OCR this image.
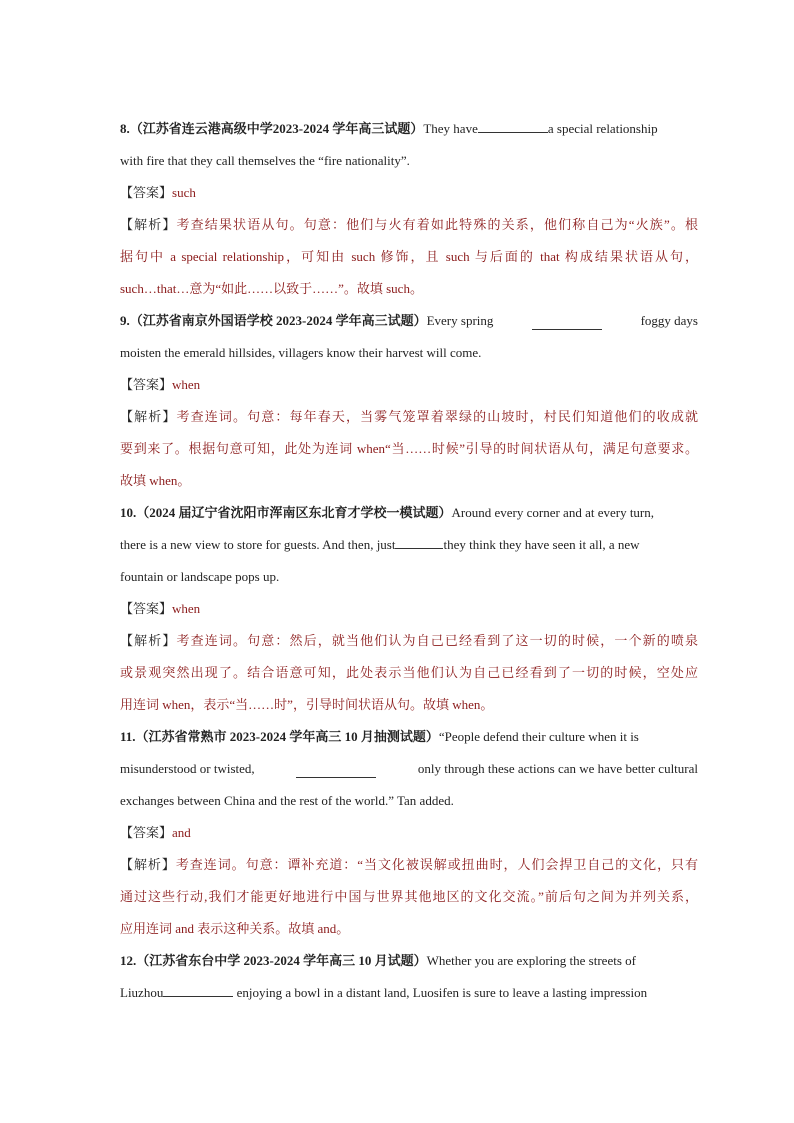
8.（江苏省连云港高级中学2023-2024 学年高三试题）They have	a special relationship
with fire that they call themselves the “fire nationality”.
【答案】such
【解析】考查结果状语从句。句意：他们与火有着如此特殊的关系，他们称自己为“火族”。根
据句中 a special relationship，可知由 such 修饰，且 such 与后面的 that 构成结果状语从句，
such…that…意为“如此……以致于……”。故填 such。
9.（江苏省南京外国语学校 2023-2024 学年高三试题）Every spring	foggy days
moisten the emerald hillsides, villagers know their harvest will come.
【答案】when
【解析】考查连词。句意：每年春天，当雾气笼罩着翠绿的山坡时，村民们知道他们的收成就
要到来了。根据句意可知，此处为连词 when“当……时候”引导的时间状语从句，满足句意要求。
故填 when。
10.（2024 届辽宁省沈阳市浑南区东北育才学校一模试题）Around every corner and at every turn,
there is a new view to store for guests. And then, just	they think they have seen it all, a new
fountain or landscape pops up.
【答案】when
【解析】考查连词。句意：然后，就当他们认为自己已经看到了这一切的时候，一个新的喷泉
或景观突然出现了。结合语意可知，此处表示当他们认为自己已经看到了一切的时候，空处应
用连词 when，表示“当……时”，引导时间状语从句。故填 when。
11.（江苏省常熟市 2023-2024 学年高三 10 月抽测试题）“People defend their culture when it is
misunderstood or twisted,	only through these actions can we have better cultural
exchanges between China and the rest of the world.” Tan added.
【答案】and
【解析】考查连词。句意：谭补充道：“当文化被误解或扭曲时，人们会捍卫自己的文化，只有
通过这些行动,我们才能更好地进行中国与世界其他地区的文化交流。”前后句之间为并列关系，
应用连词 and 表示这种关系。故填 and。
12.（江苏省东台中学 2023-2024 学年高三 10 月试题）Whether you are exploring the streets of
Liuzhou	enjoying a bowl in a distant land, Luosifen is sure to leave a lasting impression
